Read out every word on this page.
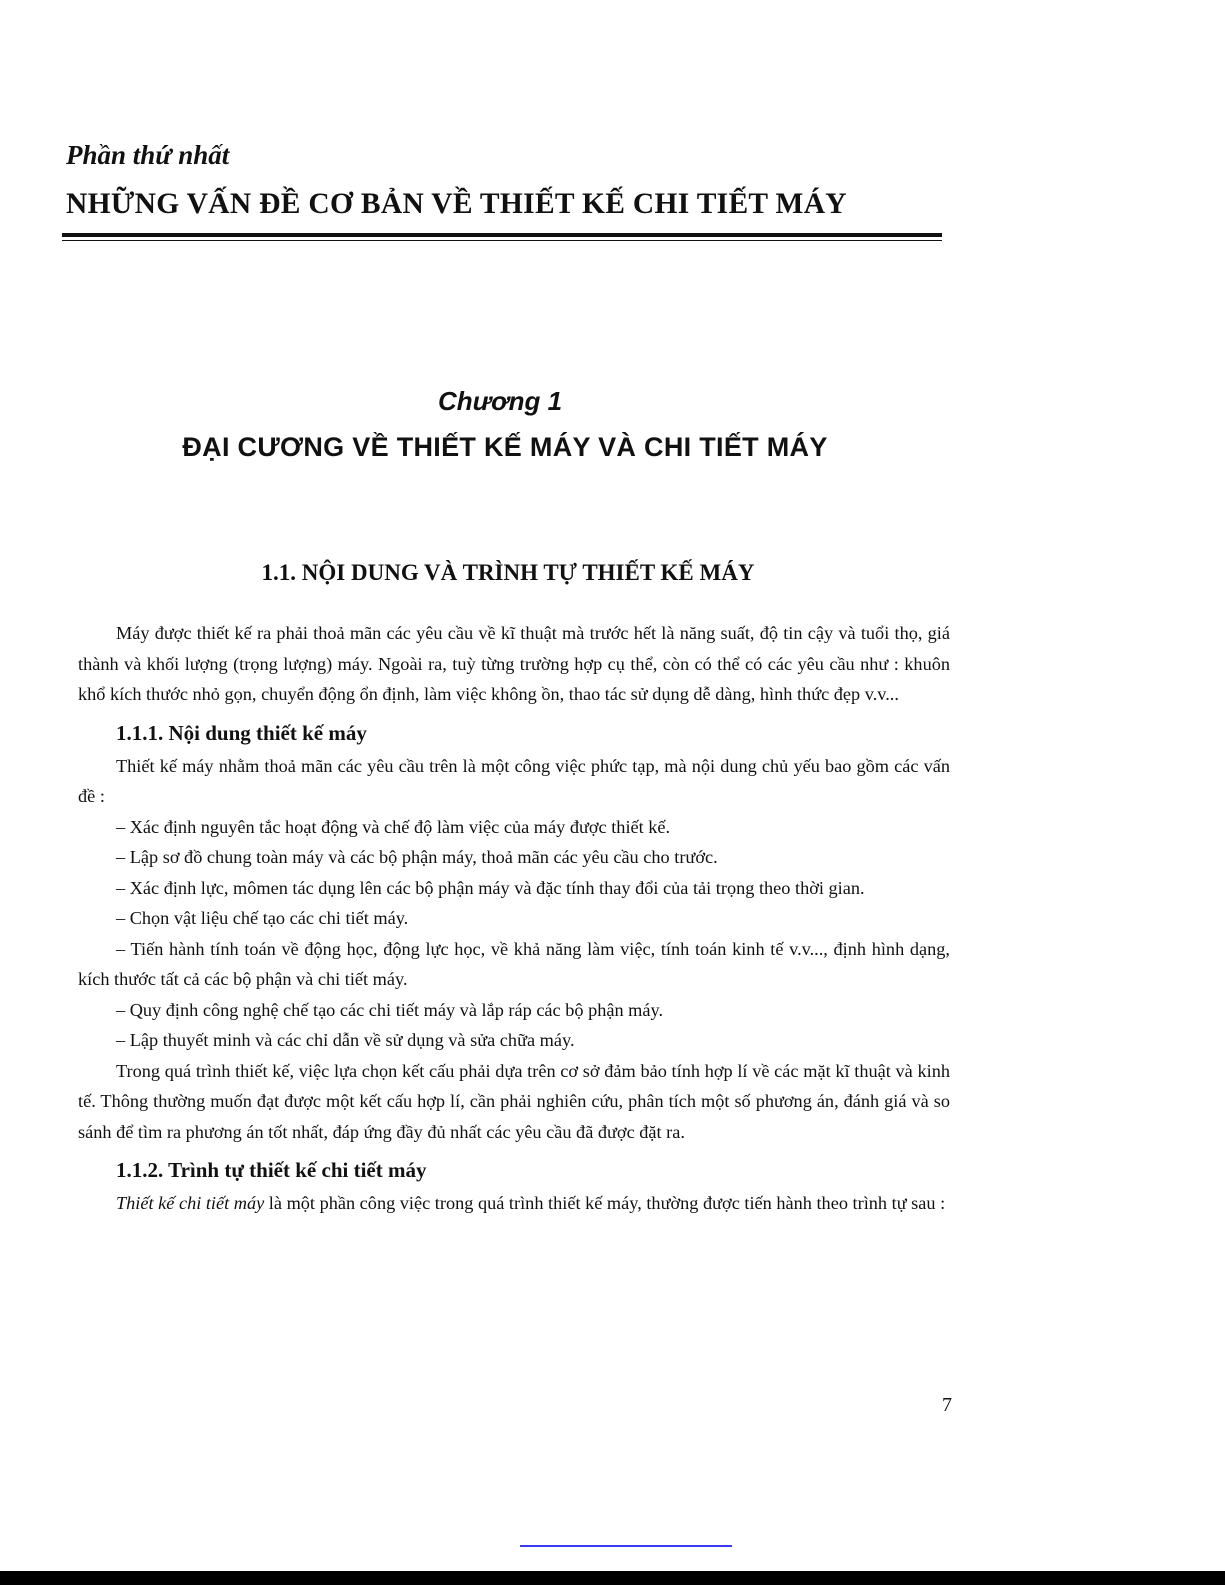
Phần thứ nhất
NHỮNG VẤN ĐỀ CƠ BẢN VỀ THIẾT KẾ CHI TIẾT MÁY
Chương 1
ĐẠI CƯƠNG VỀ THIẾT KẾ MÁY VÀ CHI TIẾT MÁY
1.1. NỘI DUNG VÀ TRÌNH TỰ THIẾT KẾ MÁY

Máy được thiết kế ra phải thoả mãn các yêu cầu về kĩ thuật mà trước hết là năng suất, độ tin cậy và tuổi thọ, giá thành và khối lượng (trọng lượng) máy. Ngoài ra, tuỳ từng trường hợp cụ thể, còn có thể có các yêu cầu như : khuôn khổ kích thước nhỏ gọn, chuyển động ổn định, làm việc không ồn, thao tác sử dụng dễ dàng, hình thức đẹp v.v...

1.1.1. Nội dung thiết kế máy

Thiết kế máy nhằm thoả mãn các yêu cầu trên là một công việc phức tạp, mà nội dung chủ yếu bao gồm các vấn đề :

– Xác định nguyên tắc hoạt động và chế độ làm việc của máy được thiết kế.

– Lập sơ đồ chung toàn máy và các bộ phận máy, thoả mãn các yêu cầu cho trước.

– Xác định lực, mômen tác dụng lên các bộ phận máy và đặc tính thay đổi của tải trọng theo thời gian.

– Chọn vật liệu chế tạo các chi tiết máy.

– Tiến hành tính toán về động học, động lực học, về khả năng làm việc, tính toán kinh tế v.v..., định hình dạng, kích thước tất cả các bộ phận và chi tiết máy.

– Quy định công nghệ chế tạo các chi tiết máy và lắp ráp các bộ phận máy.

– Lập thuyết minh và các chỉ dẫn về sử dụng và sửa chữa máy.

Trong quá trình thiết kế, việc lựa chọn kết cấu phải dựa trên cơ sở đảm bảo tính hợp lí về các mặt kĩ thuật và kinh tế. Thông thường muốn đạt được một kết cấu hợp lí, cần phải nghiên cứu, phân tích một số phương án, đánh giá và so sánh để tìm ra phương án tốt nhất, đáp ứng đầy đủ nhất các yêu cầu đã được đặt ra.

1.1.2. Trình tự thiết kế chi tiết máy

Thiết kế chi tiết máy là một phần công việc trong quá trình thiết kế máy, thường được tiến hành theo trình tự sau :

7
